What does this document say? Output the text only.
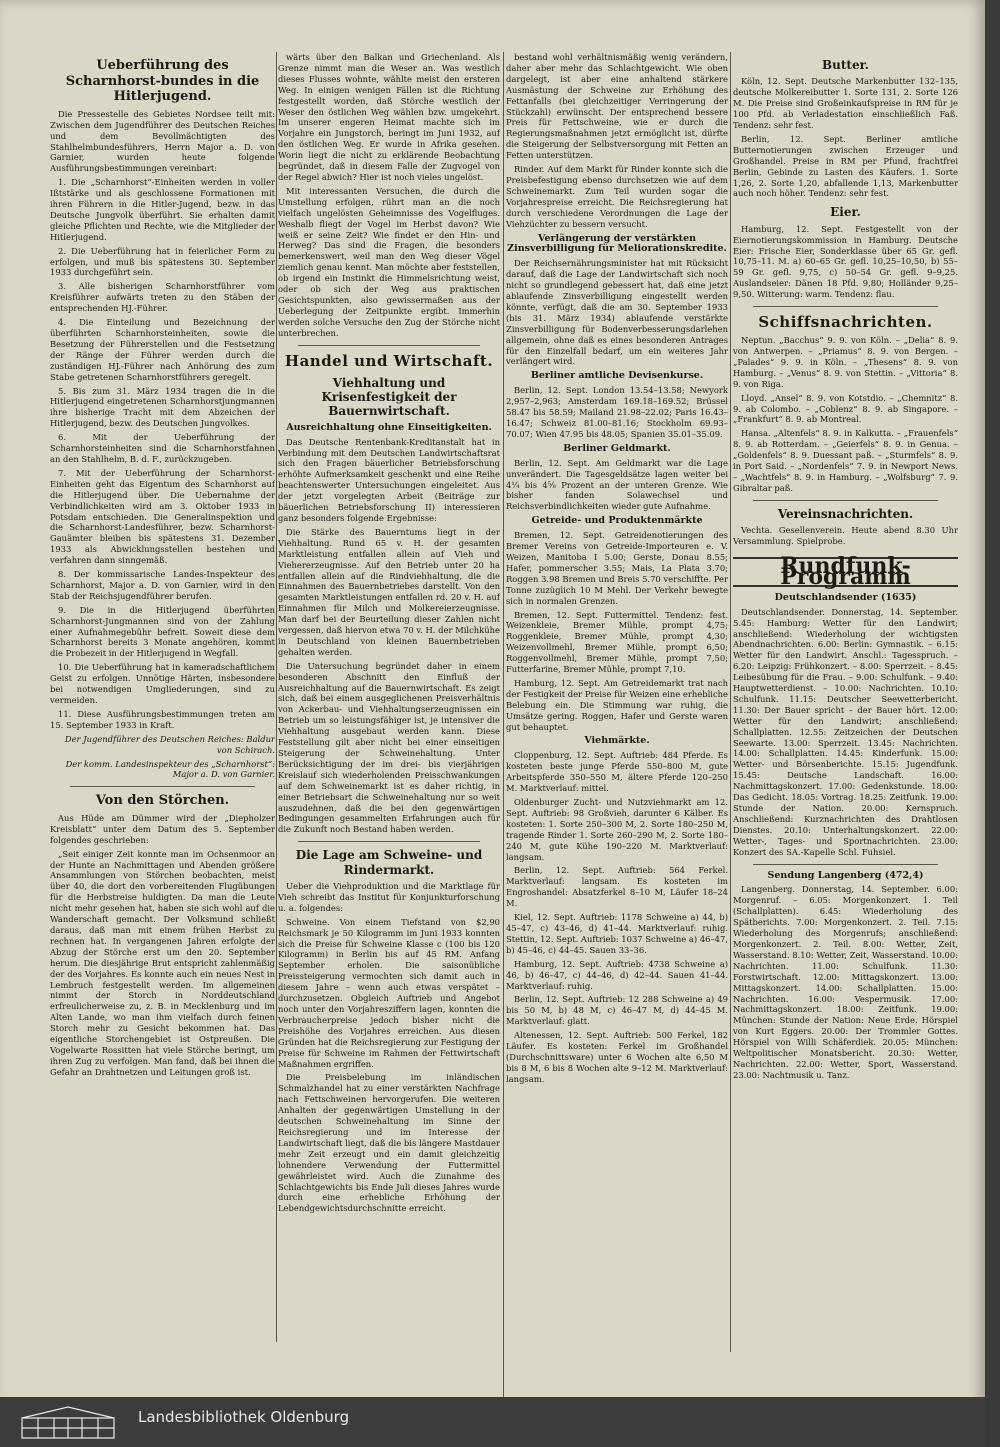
Ueberführung des Scharnhorst-bundes in die Hitlerjugend.

Die Pressestelle des Gebietes Nordsee teilt mit: Zwischen dem Jugendführer des Deutschen Reiches und dem Bevollmächtigten des Stahlhelmbundesführers, Herrn Major a. D. von Garnier, wurden heute folgende Ausführungsbestimmungen vereinbart:

1. Die „Scharnhorst“-Einheiten werden in voller Ißtstärke und als geschlossene Formationen mit ihren Führern in die Hitler-Jugend, bezw. in das Deutsche Jungvolk überführt. Sie erhalten damit gleiche Pflichten und Rechte, wie die Mitglieder der Hitlerjugend.

2. Die Ueberführung hat in feierlicher Form zu erfolgen, und muß bis spätestens 30. September 1933 durchgeführt sein.

3. Alle bisherigen Scharnhorstführer vom Kreisführer aufwärts treten zu den Stäben der entsprechenden HJ.-Führer.

4. Die Einteilung und Bezeichnung der überführten Scharnhorsteinheiten, sowie die Besetzung der Führerstellen und die Festsetzung der Ränge der Führer werden durch die zuständigen HJ.-Führer nach Anhörung des zum Stabe getretenen Scharnhorstführers geregelt.

5. Bis zum 31. März 1934 tragen die in die Hitlerjugend eingetretenen Scharnhorstjungmannen ihre bisherige Tracht mit dem Abzeichen der Hitlerjugend, bezw. des Deutschen Jungvolkes.

6. Mit der Ueberführung der Scharnhorsteinheiten sind die Scharnhorstfahnen an den Stahlhelm, B. d. F., zurückzugeben.

7. Mit der Ueberführung der Scharnhorst-Einheiten geht das Eigentum des Scharnhorst auf die Hitlerjugend über. Die Uebernahme der Verbindlichkeiten wird am 3. Oktober 1933 in Potsdam entschieden. Die Generalinspektion und die Scharnhorst-Landesführer, bezw. Scharnhorst-Gauämter bleiben bis spätestens 31. Dezember 1933 als Abwicklungsstellen bestehen und verfahren dann sinngemäß.

8. Der kommissarische Landes-Inspekteur des Scharnhorst, Major a. D. von Garnier, wird in den Stab der Reichsjugendführer berufen.

9. Die in die Hitlerjugend überführten Scharnhorst-Jungmannen sind von der Zahlung einer Aufnahmegebühr befreit. Soweit diese dem Scharnhorst bereits 3 Monate angehören, kommt die Probezeit in der Hitlerjugend in Wegfall.

10. Die Ueberführung hat in kameradschaftlichem Geist zu erfolgen. Unnötige Härten, insbesondere bei notwendigen Umgliederungen, sind zu vermeiden.

11. Diese Ausführungsbestimmungen treten am 15. September 1933 in Kraft.

Der Jugendführer des Deutschen Reiches: Baldur von Schirach.

Der komm. Landesinspekteur des „Scharnhorst“: Major a. D. von Garnier.

Von den Störchen.

Aus Hüde am Dümmer wird der „Diepholzer Kreisblatt“ unter dem Datum des 5. September folgendes geschrieben:

„Seit einiger Zeit konnte man im Ochsenmoor an der Hunte an Nachmittagen und Abenden größere Ansammlungen von Störchen beobachten, meist über 40, die dort den vorbereitenden Flugübungen für die Herbstreise huldigten. Da man die Leute nicht mehr gesehen hat, haben sie sich wohl auf die Wanderschaft gemacht. Der Volksmund schließt daraus, daß man mit einem frühen Herbst zu rechnen hat. In vergangenen Jahren erfolgte der Abzug der Störche erst um den 20. September herum. Die diesjährige Brut entspricht zahlenmäßig der des Vorjahres. Es konnte auch ein neues Nest in Lembruch festgestellt werden. Im allgemeinen nimmt der Storch in Norddeutschland erfreulicherweise zu, z. B. in Mecklenburg und im Alten Lande, wo man ihm vielfach durch feinen Storch mehr zu Gesicht bekommen hat. Das eigentliche Storchengebiet ist Ostpreußen. Die Vogelwarte Rossitten hat viele Störche beringt, um ihren Zug zu verfolgen. Man fand, daß bei ihnen die Gefahr an Drahtnetzen und Leitungen groß ist.

wärts über den Balkan und Griechenland. Als Grenze nimmt man die Weser an. Was westlich dieses Flusses wohnte, wählte meist den ersteren Weg. In einigen wenigen Fällen ist die Richtung festgestellt worden, daß Störche westlich der Weser den östlichen Weg wählen bzw. umgekehrt. Im unserer engeren Heimat machte sich im Vorjahre ein Jungstorch, beringt im Juni 1932, auf den östlichen Weg. Er wurde in Afrika gesehen. Worin liegt die nicht zu erklärende Beobachtung begründet, daß in diesem Falle der Zugvogel von der Regel abwich? Hier ist noch vieles ungelöst.

Mit interessanten Versuchen, die durch die Umstellung erfolgen, rührt man an die noch vielfach ungelösten Geheimnisse des Vogelfluges. Weshalb fliegt der Vogel im Herbst davon? Wie weiß er seine Zeit? Wie findet er den Hin- und Herweg? Das sind die Fragen, die besonders bemerkenswert, weil man den Weg dieser Vögel ziemlich genau kennt. Man möchte aber feststellen, ob irgend ein Instinkt die Himmelsrichtung weist, oder ob sich der Weg aus praktischen Gesichtspunkten, also gewissermaßen aus der Ueberlegung der Zeitpunkte ergibt. Immerhin werden solche Versuche den Zug der Störche nicht unterbrechen.

Handel und Wirtschaft.
Viehhaltung und Krisenfestigkeit der Bauernwirtschaft.
Ausreichhaltung ohne Einseitigkeiten.

Das Deutsche Rentenbank-Kreditanstalt hat in Verbindung mit dem Deutschen Landwirtschaftsrat sich den Fragen bäuerlicher Betriebsforschung erhöhte Aufmerksamkeit geschenkt und eine Reihe beachtenswerter Untersuchungen eingeleitet. Aus der jetzt vorgelegten Arbeit (Beiträge zur bäuerlichen Betriebsforschung II) interessieren ganz besonders folgende Ergebnisse:

Die Stärke des Bauerntums liegt in der Viehhaltung. Rund 65 v. H. der gesamten Marktleistung entfallen allein auf Vieh und Viehererzeugnisse. Auf den Betrieb unter 20 ha entfallen allein auf die Rindviehhaltung, die die Einnahmen des Bauernbetriebes darstellt. Von den gesamten Marktleistungen entfallen rd. 20 v. H. auf Einnahmen für Milch und Molkereierzeugnisse. Man darf bei der Beurteilung dieser Zahlen nicht vergessen, daß hiervon etwa 70 v. H. der Milchkühe in Deutschland von kleinen Bauernbetrieben gehalten werden.

Die Untersuchung begründet daher in einem besonderen Abschnitt den Einfluß der Ausreichhaltung auf die Bauernwirtschaft. Es zeigt sich, daß bei einem ausgeglichenen Preisverhältnis von Ackerbau- und Viehhaltungserzeugnissen ein Betrieb um so leistungsfähiger ist, je intensiver die Viehhaltung ausgebaut werden kann. Diese Feststellung gilt aber nicht bei einer einseitigen Steigerung der Schweinehaltung. Unter Berücksichtigung der im drei- bis vierjährigen Kreislauf sich wiederholenden Preisschwankungen auf dem Schweinemarkt ist es daher richtig, in einer Betriebsart die Schweinehaltung nur so weit auszudehnen, daß die bei den gegenwärtigen Bedingungen gesammelten Erfahrungen auch für die Zukunft noch Bestand haben werden.

Die Lage am Schweine- und Rindermarkt.

Ueber die Viehproduktion und die Marktlage für Vieh schreibt das Institut für Konjunkturforschung u. a. folgendes:

Schweine. Von einem Tiefstand von $2,90 Reichsmark je 50 Kilogramm im Juni 1933 konnten sich die Preise für Schweine Klasse c (100 bis 120 Kilogramm) in Berlin bis auf 45 RM. Anfang September erholen. Die saisonübliche Preissteigerung vermochten sich damit auch in diesem Jahre – wenn auch etwas verspätet – durchzusetzen. Obgleich Auftrieb und Angebot noch unter den Vorjahresziffern lagen, konnten die Verbraucherpreise jedoch bisher nicht die Preishöhe des Vorjahres erreichen. Aus diesen Gründen hat die Reichsregierung zur Festigung der Preise für Schweine im Rahmen der Fettwirtschaft Maßnahmen ergriffen.

Die Preisbelebung im inländischen Schmalzhandel hat zu einer verstärkten Nachfrage nach Fettschweinen hervorgerufen. Die weiteren Anhalten der gegenwärtigen Umstellung in der deutschen Schweinehaltung im Sinne der Reichsregierung und im Interesse der Landwirtschaft liegt, daß die bis längere Mastdauer mehr Zeit erzeugt und ein damit gleichzeitig lohnendere Verwendung der Futtermittel gewährleistet wird. Auch die Zunahme des Schlachtgewichts bis Ende Juli dieses Jahres wurde durch eine erhebliche Erhöhung der Lebendgewichtsdurchschnitte erreicht.

bestand wohl verhältnismäßig wenig verändern, daher aber mehr das Schlachtgewicht. Wie oben dargelegt, ist aber eine anhaltend stärkere Ausmästung der Schweine zur Erhöhung des Fettanfalls (bei gleichzeitiger Verringerung der Stückzahl) erwünscht. Der entsprechend bessere Preis für Fettschweine, wie er durch die Regierungsmaßnahmen jetzt ermöglicht ist, dürfte die Steigerung der Selbstversorgung mit Fetten an Fetten unterstützen.

Rinder. Auf dem Markt für Rinder konnte sich die Preisbefestigung ebenso durchsetzen wie auf dem Schweinemarkt. Zum Teil wurden sogar die Vorjahrespreise erreicht. Die Reichsregierung hat durch verschiedene Verordnungen die Lage der Viehzüchter zu bessern versucht.

Verlängerung der verstärkten Zinsverbilligung für Meliorationskredite.

Der Reichsernährungsminister hat mit Rücksicht darauf, daß die Lage der Landwirtschaft sich noch nicht so grundlegend gebessert hat, daß eine jetzt ablaufende Zinsverbilligung eingestellt werden könnte, verfügt, daß die am 30. September 1933 (bis 31. März 1934) ablaufende verstärkte Zinsverbilligung für Bodenverbesserungsdarlehen allgemein, ohne daß es eines besonderen Antrages für den Einzelfall bedarf, um ein weiteres Jahr verlängert wird.

Berliner amtliche Devisenkurse.

Berlin, 12. Sept. London 13.54–13.58; Newyork 2,957–2,963; Amsterdam 169.18–169.52; Brüssel 58.47 bis 58.59; Mailand 21.98–22.02; Paris 16.43–16.47; Schweiz 81.00–81.16; Stockholm 69.93–70.07; Wien 47.95 bis 48.05; Spanien 35.01–35.09.

Berliner Geldmarkt.

Berlin, 12. Sept. Am Geldmarkt war die Lage unverändert. Die Tagesgeldsätze lagen weiter bei 4¼ bis 4⅝ Prozent an der unteren Grenze. Wie bisher fanden Solawechsel und Reichsverbindlichkeiten wieder gute Aufnahme.

Getreide- und Produktenmärkte

Bremen, 12. Sept. Getreidenotierungen des Bremer Vereins von Getreide-Importeuren e. V. Weizen, Manitoba I 5.00; Gerste, Donau 8.55; Hafer, pommerscher 3.55; Mais, La Plata 3.70; Roggen 3.98 Bremen und Breis 5.70 verschiffte. Per Tonne zuzüglich 10 M Mehl. Der Verkehr bewegte sich in normalen Grenzen.

Bremen, 12. Sept. Futtermittel. Tendenz: fest. Weizenkleie, Bremer Mühle, prompt 4,75; Roggenkleie, Bremer Mühle, prompt 4,30; Weizenvollmehl, Bremer Mühle, prompt 6,50; Roggenvollmehl, Bremer Mühle, prompt 7,50; Futterfarine, Bremer Mühle, prompt 7,10.

Hamburg, 12. Sept. Am Getreidemarkt trat nach der Festigkeit der Preise für Weizen eine erhebliche Belebung ein. Die Stimmung war ruhig, die Umsätze gering. Roggen, Hafer und Gerste waren gut behauptet.

Viehmärkte.

Cloppenburg, 12. Sept. Auftrieb: 484 Pferde. Es kosteten beste junge Pferde 550–800 M, gute Arbeitspferde 350–550 M, ältere Pferde 120–250 M. Marktverlauf: mittel.

Oldenburger Zucht- und Nutzviehmarkt am 12. Sept. Auftrieb: 98 Großvieh, darunter 6 Kälber. Es kosteten: 1. Sorte 250–300 M, 2. Sorte 180–250 M, tragende Rinder 1. Sorte 260–290 M, 2. Sorte 180–240 M, gute Kühe 190–220 M. Marktverlauf: langsam.

Berlin, 12. Sept. Auftrieb: 564 Ferkel. Marktverlauf: langsam. Es kosteten im Engroshandel: Absatzferkel 8–10 M, Läufer 18–24 M.

Kiel, 12. Sept. Auftrieb: 1178 Schweine a) 44, b) 45–47, c) 43–46, d) 41–44. Marktverlauf: ruhig. Stettin, 12. Sept. Auftrieb: 1037 Schweine a) 46–47, b) 45–46, c) 44–45. Sauen 33–36.

Hamburg, 12. Sept. Auftrieb: 4738 Schweine a) 46, b) 46–47, c) 44–46, d) 42–44. Sauen 41–44. Marktverlauf: ruhig.

Berlin, 12. Sept. Auftrieb: 12 288 Schweine a) 49 bis 50 M, b) 48 M, c) 46–47 M, d) 44–45 M. Marktverlauf: glatt.

Altenessen, 12. Sept. Auftrieb: 500 Ferkel, 182 Läufer. Es kosteten: Ferkel im Großhandel (Durchschnittsware) unter 6 Wochen alte 6,50 M bis 8 M, 6 bis 8 Wochen alte 9–12 M. Marktverlauf: langsam.

Butter.

Köln, 12. Sept. Deutsche Markenbutter 132–135, deutsche Molkereibutter 1. Sorte 131, 2. Sorte 126 M. Die Preise sind Großeinkaufspreise in RM für je 100 Pfd. ab Verladestation einschließlich Faß. Tendenz: sehr fest.

Berlin, 12. Sept. Berliner amtliche Butternotierungen zwischen Erzeuger und Großhandel. Preise in RM per Pfund, frachtfrei Berlin, Gebinde zu Lasten des Käufers. 1. Sorte 1,26, 2. Sorte 1,20, abfallende 1,13, Markenbutter auch noch höher. Tendenz: sehr fest.

Eier.

Hamburg, 12. Sept. Festgestellt von der Eiernotierungskommission in Hamburg. Deutsche Eier: Frische Eier, Sonderklasse über 65 Gr. gefl. 10,75–11. M. a) 60–65 Gr. gefl. 10,25–10,50, b) 55–59 Gr. gefl. 9,75, c) 50–54 Gr. gefl. 9–9,25. Auslandseier: Dänen 18 Pfd. 9,80; Holländer 9,25–9,50. Witterung: warm. Tendenz: flau.

Schiffsnachrichten.

Neptun. „Bacchus“ 9. 9. von Köln. – „Delia“ 8. 9. von Antwerpen. – „Priamus“ 8. 9. von Bergen. – „Palades“ 9. 9. in Köln. – „Thesens“ 8. 9. von Hamburg. – „Venus“ 8. 9. von Stettin. – „Vittoria“ 8. 9. von Riga.

Lloyd. „Ansel“ 8. 9. von Kotstdio. – „Chemnitz“ 8. 9. ab Colombo. – „Coblenz“ 8. 9. ab Singapore. – „Frankfurt“ 8. 9. ab Montreal.

Hansa. „Altenfels“ 8. 9. in Kalkutta. – „Frauenfels“ 8. 9. ab Rotterdam. – „Geierfels“ 8. 9. in Genua. – „Goldenfels“ 8. 9. Duessant paß. – „Sturmfels“ 8. 9. in Port Said. – „Nordenfels“ 7. 9. in Newport News. – „Wachtfels“ 8. 9. in Hamburg. – „Wolfsburg“ 7. 9. Gibraltar paß.

Vereinsnachrichten.

Vechta. Gesellenverein. Heute abend 8.30 Uhr Versammlung. Spielprobe.

Rundfunk-Programm
Deutschlandsender (1635)

Deutschlandsender. Donnerstag, 14. September. 5.45: Hamburg: Wetter für den Landwirt; anschließend: Wiederholung der wichtigsten Abendnachrichten. 6.00: Berlin: Gymnastik. – 6.15: Wetter für den Landwirt. Anschl.: Tagesspruch. – 6.20: Leipzig: Frühkonzert. – 8.00: Sperrzeit. – 8.45: Leibesübung für die Frau. – 9.00: Schulfunk. – 9.40: Hauptwetterdienst. – 10.00: Nachrichten. 10.10: Schulfunk. 11.15: Deutscher Seewetterbericht. 11.30: Der Bauer spricht – der Bauer hört. 12.00: Wetter für den Landwirt; anschließend: Schallplatten. 12.55: Zeitzeichen der Deutschen Seewarte. 13.00: Sperrzeit. 13.45: Nachrichten. 14.00: Schallplatten. 14.45: Kinderfunk. 15.00: Wetter- und Börsenberichte. 15.15: Jugendfunk. 15.45: Deutsche Landschaft. 16.00: Nachmittagskonzert. 17.00: Gedenkstunde. 18.00: Das Gedicht. 18.05: Vortrag. 18.25: Zeitfunk. 19.00: Stunde der Nation. 20.00: Kernspruch. Anschließend: Kurznachrichten des Drahtlosen Dienstes. 20.10: Unterhaltungskonzert. 22.00: Wetter-, Tages- und Sportnachrichten. 23.00: Konzert des SA.-Kapelle Schl. Fuhsiel.

Sendung Langenberg (472,4)

Langenberg. Donnerstag, 14. September. 6.00: Morgenruf. – 6.05: Morgenkonzert. 1. Teil (Schallplatten). 6.45: Wiederholung des Spätberichts. 7.00: Morgenkonzert. 2. Teil. 7.15: Wiederholung des Morgenrufs; anschließend: Morgenkonzert. 2. Teil. 8.00: Wetter, Zeit, Wasserstand. 8.10: Wetter, Zeit, Wasserstand. 10.00: Nachrichten. 11.00: Schulfunk. 11.30: Forstwirtschaft. 12.00: Mittagskonzert. 13.00: Mittagskonzert. 14.00: Schallplatten. 15.00: Nachrichten. 16.00: Vespermusik. 17.00: Nachmittagskonzert. 18.00: Zeitfunk. 19.00: München: Stunde der Nation: Neue Erde. Hörspiel von Kurt Eggers. 20.00: Der Trommler Gottes. Hörspiel von Willi Schäferdiek. 20.05: München: Weltpolitischer Monatsbericht. 20.30: Wetter, Nachrichten. 22.00: Wetter, Sport, Wasserstand. 23.00: Nachtmusik u. Tanz.

Landesbibliothek Oldenburg
